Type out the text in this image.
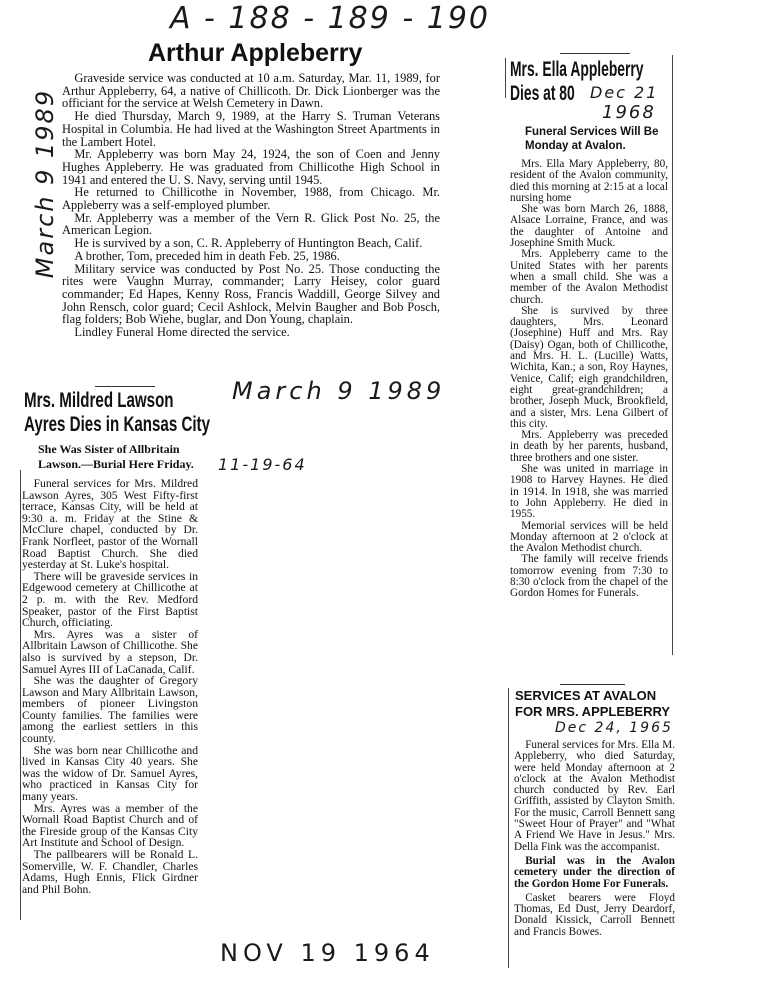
A - 188 - 189 - 190
Arthur Appleberry

Graveside service was conducted at 10 a.m. Saturday, Mar. 11, 1989, for Arthur Appleberry, 64, a native of Chillicoth. Dr. Dick Lionberger was the officiant for the service at Welsh Cemetery in Dawn.

He died Thursday, March 9, 1989, at the Harry S. Truman Veterans Hospital in Columbia. He had lived at the Washington Street Apartments in the Lambert Hotel.

Mr. Appleberry was born May 24, 1924, the son of Coen and Jenny Hughes Appleberry. He was graduated from Chillicothe High School in 1941 and entered the U. S. Navy, serving until 1945.

He returned to Chillicothe in November, 1988, from Chicago. Mr. Appleberry was a self-employed plumber.

Mr. Appleberry was a member of the Vern R. Glick Post No. 25, the American Legion.

He is survived by a son, C. R. Appleberry of Huntington Beach, Calif.

A brother, Tom, preceded him in death Feb. 25, 1986.

Military service was conducted by Post No. 25. Those conducting the rites were Vaughn Murray, commander; Larry Heisey, color guard commander; Ed Hapes, Kenny Ross, Francis Waddill, George Silvey and John Rensch, color guard; Cecil Ashlock, Melvin Baugher and Bob Posch, flag folders; Bob Wiehe, buglar, and Don Young, chaplain.

Lindley Funeral Home directed the service.

March 9 1989
March 9 1989
Mrs. Mildred Lawson
Ayres Dies in Kansas City
She Was Sister of Allbritain
Lawson.—Burial Here Friday. 11-19-64

Funeral services for Mrs. Mildred Lawson Ayres, 305 West Fifty-first terrace, Kansas City, will be held at 9:30 a. m. Friday at the Stine & McClure chapel, conducted by Dr. Frank Norfleet, pastor of the Wornall Road Baptist Church. She died yesterday at St. Luke's hospital.

There will be graveside services in Edgewood cemetery at Chillicothe at 2 p. m. with the Rev. Medford Speaker, pastor of the First Baptist Church, officiating.

Mrs. Ayres was a sister of Allbritain Lawson of Chillicothe. She also is survived by a stepson, Dr. Samuel Ayres III of LaCanada, Calif.

She was the daughter of Gregory Lawson and Mary Allbritain Lawson, members of pioneer Livingston County families. The families were among the earliest settlers in this county.

She was born near Chillicothe and lived in Kansas City 40 years. She was the widow of Dr. Samuel Ayres, who practiced in Kansas City for many years.

Mrs. Ayres was a member of the Wornall Road Baptist Church and of the Fireside group of the Kansas City Art Institute and School of Design.

The pallbearers will be Ronald L. Somerville, W. F. Chandler, Charles Adams, Hugh Ennis, Flick Girdner and Phil Bohn.

NOV 19 1964
Mrs. Ella Appleberry
Dies at 80 Dec 21
1968
Funeral Services Will Be
Monday at Avalon.

Mrs. Ella Mary Appleberry, 80, resident of the Avalon community, died this morning at 2:15 at a local nursing home

She was born March 26, 1888, Alsace Lorraine, France, and was the daughter of Antoine and Josephine Smith Muck.

Mrs. Appleberry came to the United States with her parents when a small child. She was a member of the Avalon Methodist church.

She is survived by three daughters, Mrs. Leonard (Josephine) Huff and Mrs. Ray (Daisy) Ogan, both of Chillicothe, and Mrs. H. L. (Lucille) Watts, Wichita, Kan.; a son, Roy Haynes, Venice, Calif; eigh grandchildren, eight great-grandchildren; a brother, Joseph Muck, Brookfield, and a sister, Mrs. Lena Gilbert of this city.

Mrs. Appleberry was preceded in death by her parents, husband, three brothers and one sister.

She was united in marriage in 1908 to Harvey Haynes. He died in 1914. In 1918, she was married to John Appleberry. He died in 1955.

Memorial services will be held Monday afternoon at 2 o'clock at the Avalon Methodist church.

The family will receive friends tomorrow evening from 7:30 to 8:30 o'clock from the chapel of the Gordon Homes for Funerals.

SERVICES AT AVALON
FOR MRS. APPLEBERRY
Dec 24, 1965

Funeral services for Mrs. Ella M. Appleberry, who died Saturday, were held Monday afternoon at 2 o'clock at the Avalon Methodist church conducted by Rev. Earl Griffith, assisted by Clayton Smith. For the music, Carroll Bennett sang "Sweet Hour of Prayer" and "What A Friend We Have in Jesus." Mrs. Della Fink was the accompanist.

Burial was in the Avalon cemetery under the direction of the Gordon Home For Funerals.

Casket bearers were Floyd Thomas, Ed Dust, Jerry Deardorf, Donald Kissick, Carroll Bennett and Francis Bowes.
